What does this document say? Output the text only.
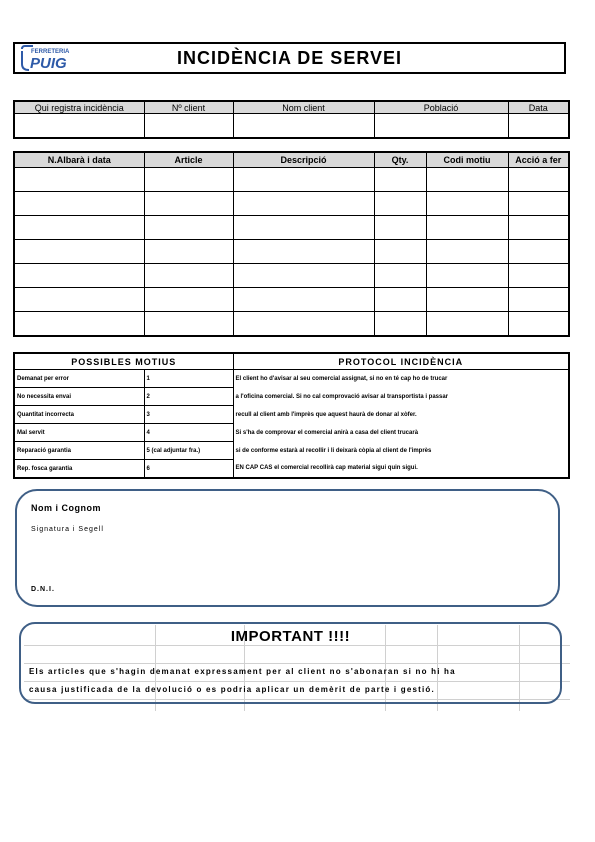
FERRETERIA
PUIG	INCIDÈNCIA DE SERVEI
Qui registra incidència	Nº client	Nom client	Població	Data

N.Albarà i data	Article	Descripció	Qty.	Codi motiu	Acció a fer

POSSIBLES MOTIUS		PROTOCOL INCIDÈNCIA
Demanat per error	1	El client ho d'avisar al seu comercial assignat, si no en té cap ho de trucar
No necessita envai	2	a l'oficina comercial. Si no cal comprovació avisar al transportista i passar
Quantitat incorrecta	3	recull al client amb l'imprès que aquest haurà de donar al xòfer.
Mal servit	4	Si s'ha de comprovar el comercial anirà a casa del client trucarà
Reparació garantia	5 (cal adjuntar fra.)	si de conforme estarà al recollir i li deixarà còpia al client de l'imprès
Rep. fosca garantia	6	EN CAP CAS el comercial recollirà cap material sigui quin sigui.
Nom i Cognom
Signatura i Segell
D.N.I.
IMPORTANT !!!!
Els articles que s'hagin demanat expressament per al client no s'abonaran si no hi ha
causa justificada de la devolució o es podria aplicar un demèrit de parte i gestió.
